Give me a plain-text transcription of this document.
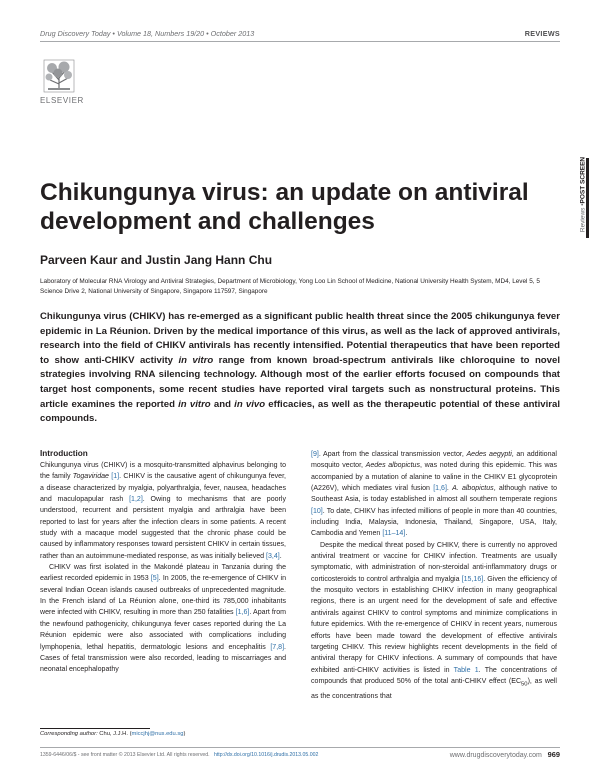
Drug Discovery Today • Volume 18, Numbers 19/20 • October 2013	REVIEWS
ELSEVIER
Reviews •POST SCREEN
Chikungunya virus: an update on antiviral development and challenges
Parveen Kaur and Justin Jang Hann Chu
Laboratory of Molecular RNA Virology and Antiviral Strategies, Department of Microbiology, Yong Loo Lin School of Medicine, National University Health System, MD4, Level 5, 5 Science Drive 2, National University of Singapore, Singapore 117597, Singapore

Chikungunya virus (CHIKV) has re-emerged as a significant public health threat since the 2005 chikungunya fever epidemic in La Réunion. Driven by the medical importance of this virus, as well as the lack of approved antivirals, research into the field of CHIKV antivirals has recently intensified. Potential therapeutics that have been reported to show anti-CHIKV activity in vitro range from known broad-spectrum antivirals like chloroquine to novel strategies involving RNA silencing technology. Although most of the earlier efforts focused on compounds that target host components, some recent studies have reported viral targets such as nonstructural proteins. This article examines the reported in vitro and in vivo efficacies, as well as the therapeutic potential of these antiviral compounds.

Introduction

Chikungunya virus (CHIKV) is a mosquito-transmitted alphavirus belonging to the family Togaviridae [1]. CHIKV is the causative agent of chikungunya fever, a disease characterized by myalgia, polyarthralgia, fever, nausea, headaches and maculopapular rash [1,2]. Owing to mechanisms that are poorly understood, recurrent and persistent myalgia and arthralgia have been reported to last for years after the infection clears in some patients. A recent study with a macaque model suggested that the chronic phase could be caused by inflammatory responses toward persistent CHIKV in certain tissues, rather than an autoimmune-mediated response, as was initially believed [3,4].

CHIKV was first isolated in the Makondé plateau in Tanzania during the earliest recorded epidemic in 1953 [5]. In 2005, the re-emergence of CHIKV in several Indian Ocean islands caused outbreaks of unprecedented magnitude. In the French island of La Réunion alone, one-third its 785,000 inhabitants were infected with CHIKV, resulting in more than 250 fatalities [1,6]. Apart from the newfound pathogenicity, chikungunya fever cases reported during the La Réunion epidemic were also associated with complications including lymphopenia, lethal hepatitis, dermatologic lesions and encephalitis [7,8]. Cases of fetal transmission were also recorded, leading to miscarriages and neonatal encephalopathy

[9]. Apart from the classical transmission vector, Aedes aegypti, an additional mosquito vector, Aedes albopictus, was noted during this epidemic. This was accompanied by a mutation of alanine to valine in the CHIKV E1 glycoprotein (A226V), which mediates viral fusion [1,6]. A. albopictus, although native to Southeast Asia, is today established in almost all southern temperate regions [10]. To date, CHIKV has infected millions of people in more than 40 countries, including India, Malaysia, Indonesia, Thailand, Singapore, USA, Italy, Cambodia and Yemen [11–14].

Despite the medical threat posed by CHIKV, there is currently no approved antiviral treatment or vaccine for CHIKV infection. Treatments are usually symptomatic, with administration of non-steroidal anti-inflammatory drugs or corticosteroids to control arthralgia and myalgia [15,16]. Given the efficiency of the mosquito vectors in establishing CHIKV infection in many geographical regions, there is an urgent need for the development of safe and effective antivirals against CHIKV to control symptoms and minimize complications in future epidemics. With the re-emergence of CHIKV in recent years, numerous efforts have been made toward the development of effective antivirals targeting CHIKV. This review highlights recent developments in the field of antiviral therapy for CHIKV infections. A summary of compounds that have exhibited anti-CHIKV activities is listed in Table 1. The concentrations of compounds that produced 50% of the total anti-CHIKV effect $(EC_{50})$, as well as the concentrations that

Corresponding author: Chu, J.J.H. (miccjhj@nus.edu.sg)
1359-6446/06/$ - see front matter © 2013 Elsevier Ltd. All rights reserved. http://dx.doi.org/10.1016/j.drudis.2013.05.002	www.drugdiscoverytoday.com 969
